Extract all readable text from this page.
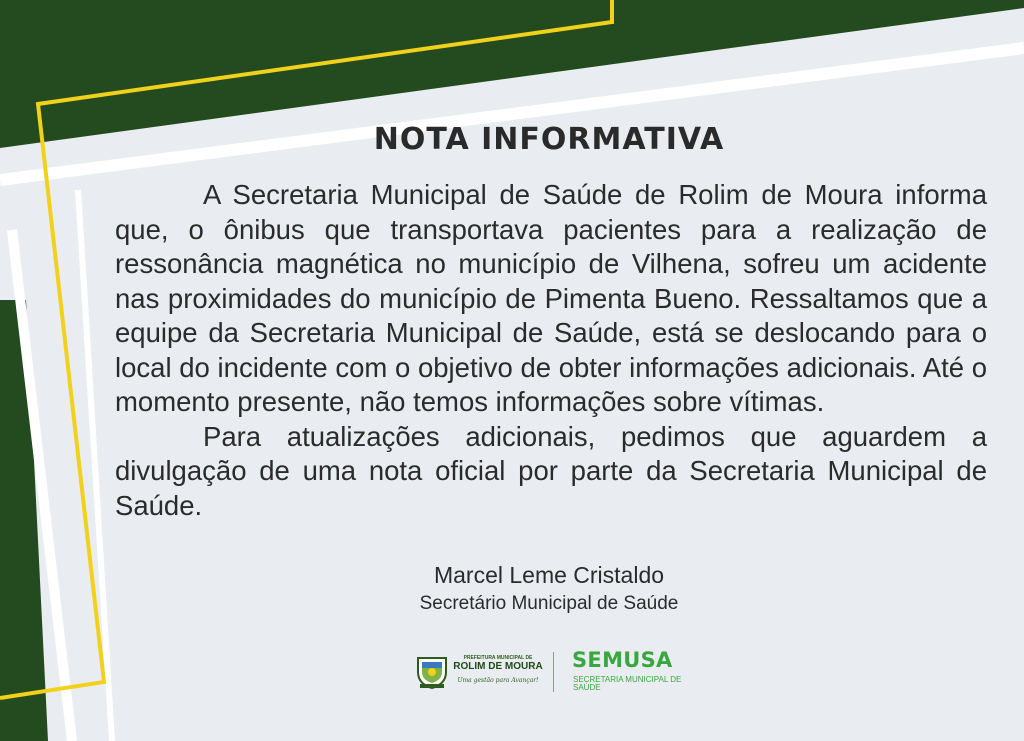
NOTA INFORMATIVA

A Secretaria Municipal de Saúde de Rolim de Moura informa que, o ônibus que transportava pacientes para a realização de ressonância magnética no município de Vilhena, sofreu um acidente nas proximidades do município de Pimenta Bueno. Ressaltamos que a equipe da Secretaria Municipal de Saúde, está se deslocando para o local do incidente com o objetivo de obter informações adicionais. Até o momento presente, não temos informações sobre vítimas.

Para atualizações adicionais, pedimos que aguardem a divulgação de uma nota oficial por parte da Secretaria Municipal de Saúde.

Marcel Leme Cristaldo
Secretário Municipal de Saúde
PREFEITURA MUNICIPAL DE
ROLIM DE MOURA
Uma gestão para Avançar!
SEMUSA
SECRETARIA MUNICIPAL DE SAÚDE
